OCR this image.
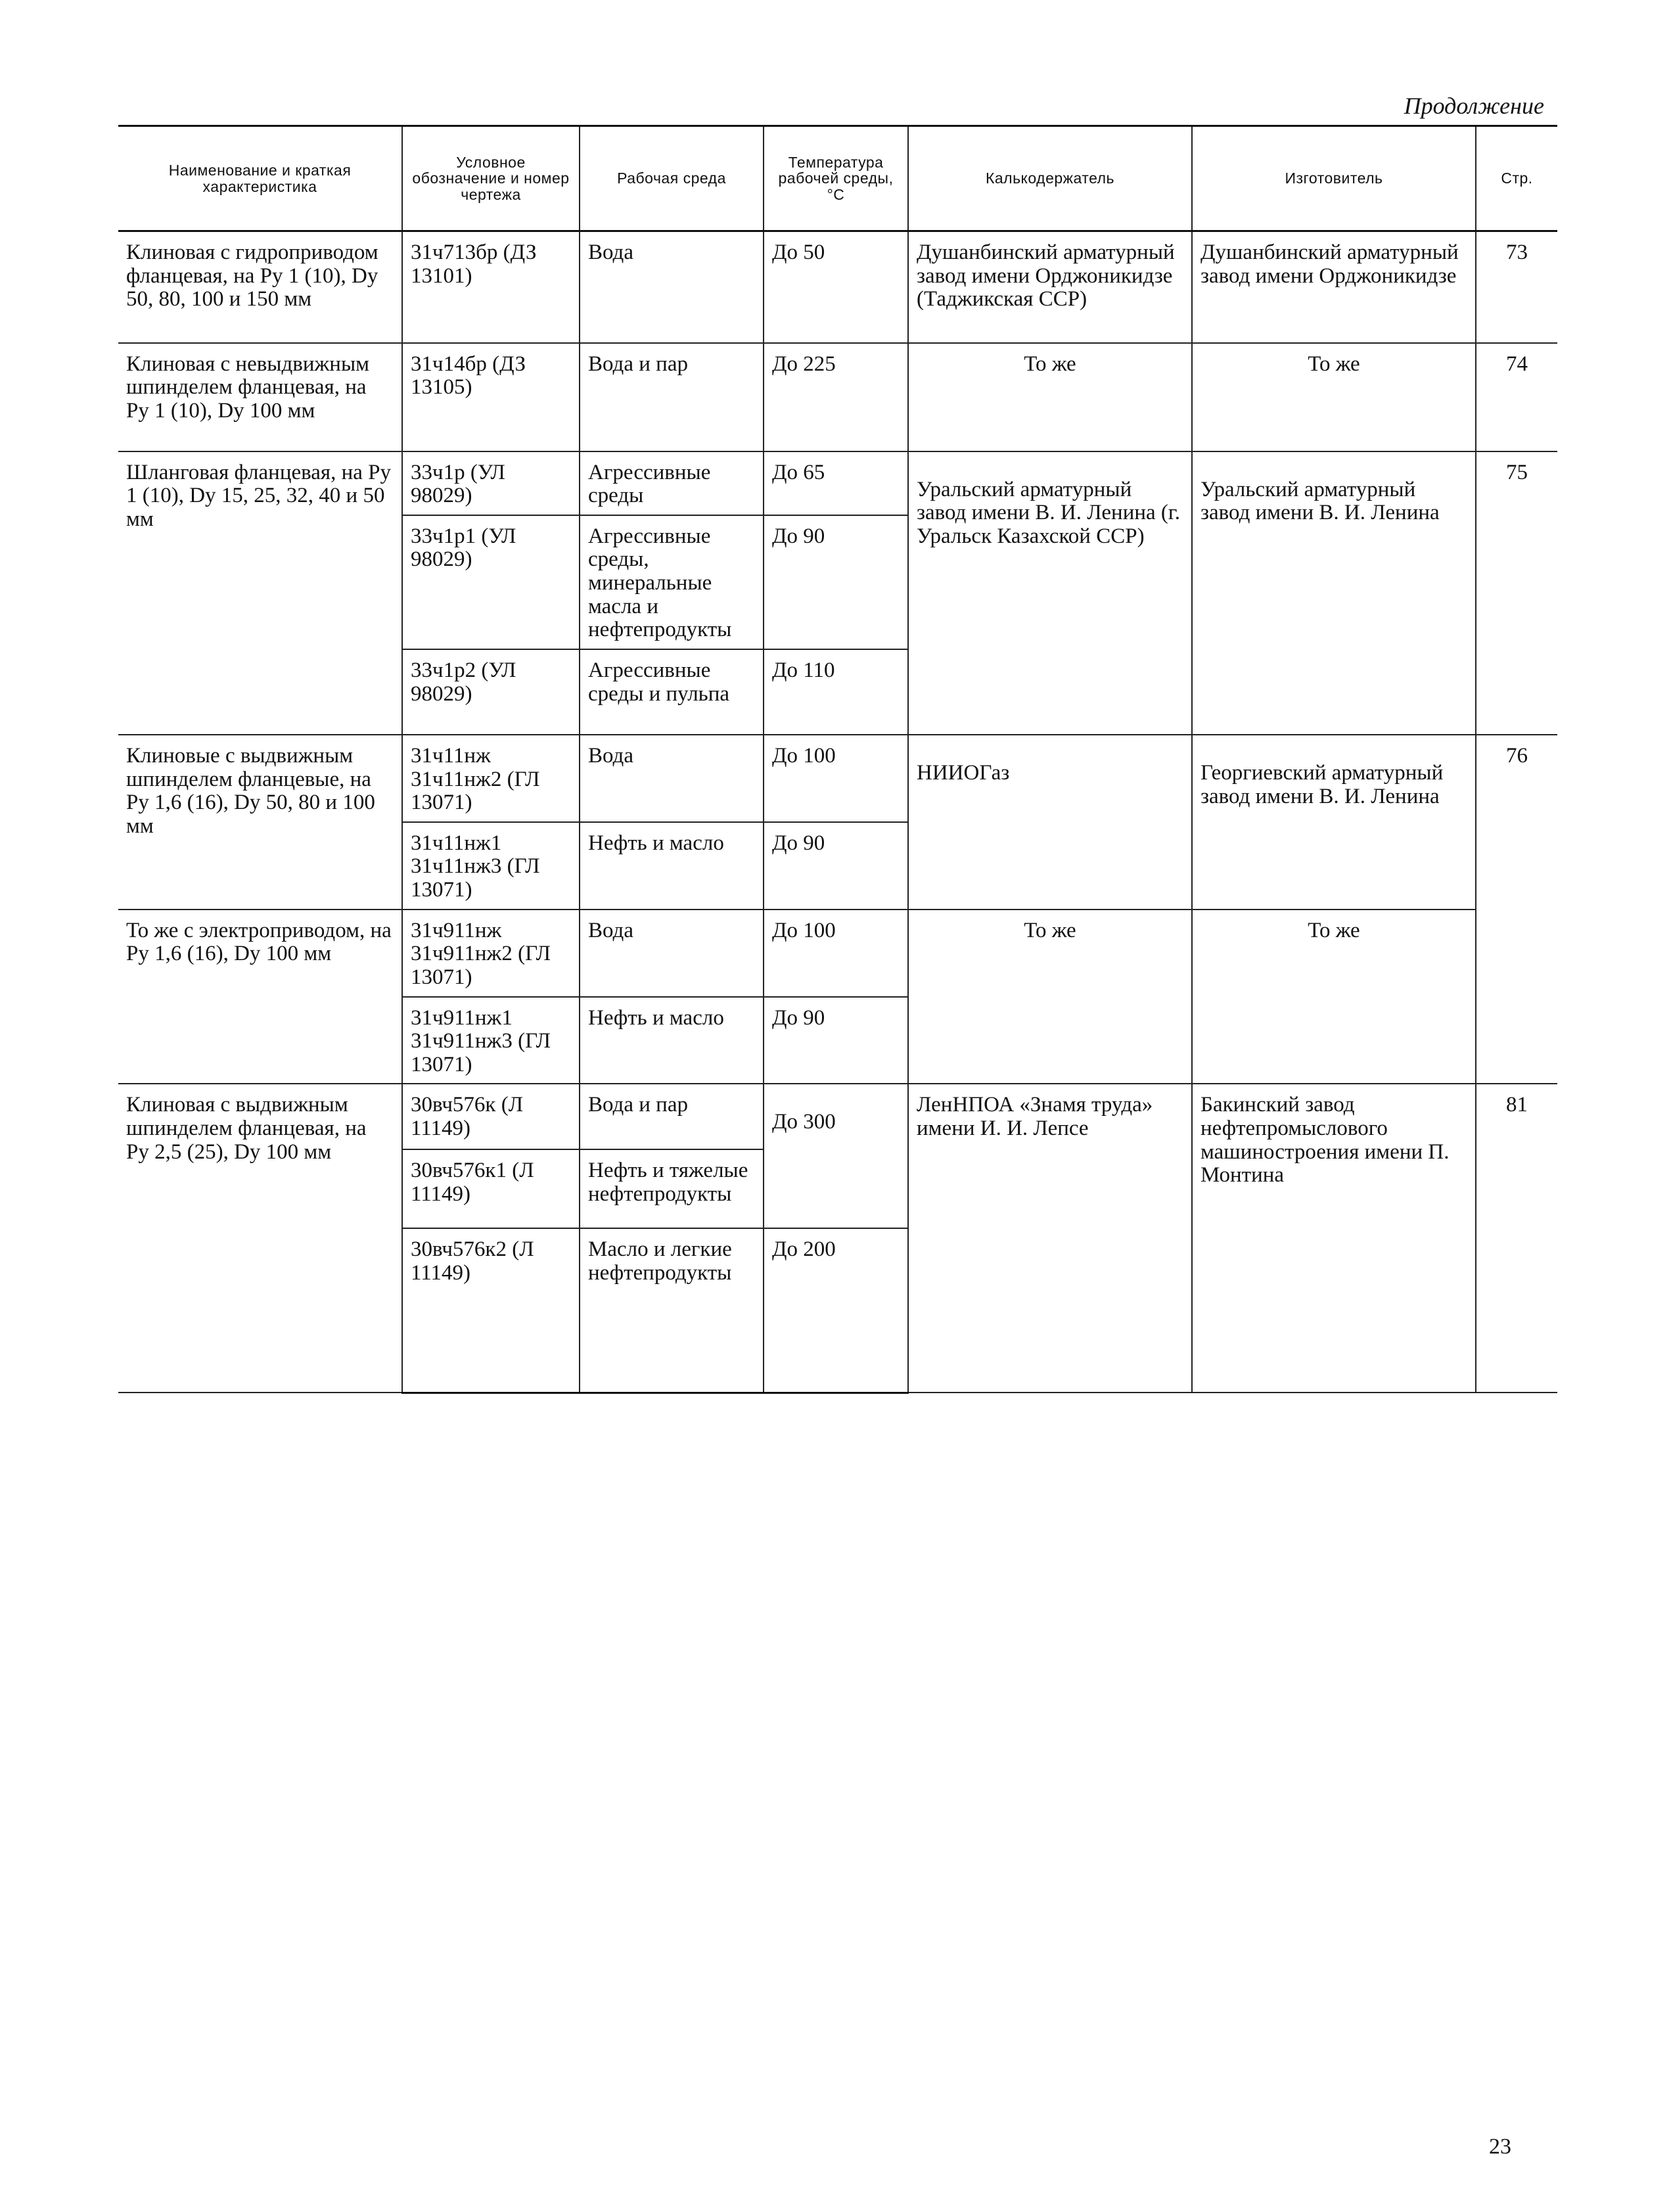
Продолжение
Наименование и краткая характеристика	Условное обозначение и номер чертежа	Рабочая среда	Температура рабочей среды, °С	Калькодержатель	Изготовитель	Стр.
Клиновая с гидроприводом фланцевая, на Pу 1 (10), Dу 50, 80, 100 и 150 мм	31ч713бр (ДЗ 13101)	Вода	До 50	Душанбинский арматурный завод имени Орджоникидзе (Таджикская ССР)	Душанбинский арматурный завод имени Орджоникидзе	73
Клиновая с невыдвижным шпинделем фланцевая, на Pу 1 (10), Dу 100 мм	31ч14бр (ДЗ 13105)	Вода и пар	До 225	То же	То же	74
Шланговая фланцевая, на Pу 1 (10), Dу 15, 25, 32, 40 и 50 мм	33ч1р (УЛ 98029)	Агрессивные среды	До 65	Уральский арматурный завод имени В. И. Ленина (г. Уральск Казахской ССР)	Уральский арматурный завод имени В. И. Ленина	75
	33ч1р1 (УЛ 98029)	Агрессивные среды, минеральные масла и нефтепродукты	До 90			
	33ч1р2 (УЛ 98029)	Агрессивные среды и пульпа	До 110			
Клиновые с выдвижным шпинделем фланцевые, на Pу 1,6 (16), Dу 50, 80 и 100 мм	31ч11нж 31ч11нж2 (ГЛ 13071)	Вода	До 100	НИИОГаз	Георгиевский арматурный завод имени В. И. Ленина	76
	31ч11нж1 31ч11нж3 (ГЛ 13071)	Нефть и масло	До 90			
То же с электроприводом, на Pу 1,6 (16), Dу 100 мм	31ч911нж 31ч911нж2 (ГЛ 13071)	Вода	До 100	То же	То же	
	31ч911нж1 31ч911нж3 (ГЛ 13071)	Нефть и масло	До 90			
Клиновая с выдвижным шпинделем фланцевая, на Pу 2,5 (25), Dу 100 мм	30вч576к (Л 11149)	Вода и пар	До 300	ЛенНПОА «Знамя труда» имени И. И. Лепсе	Бакинский завод нефтепромыслового машиностроения имени П. Монтина	81
	30вч576к1 (Л 11149)	Нефть и тяжелые нефтепродукты				
	30вч576к2 (Л 11149)	Масло и легкие нефтепродукты	До 200			
23
